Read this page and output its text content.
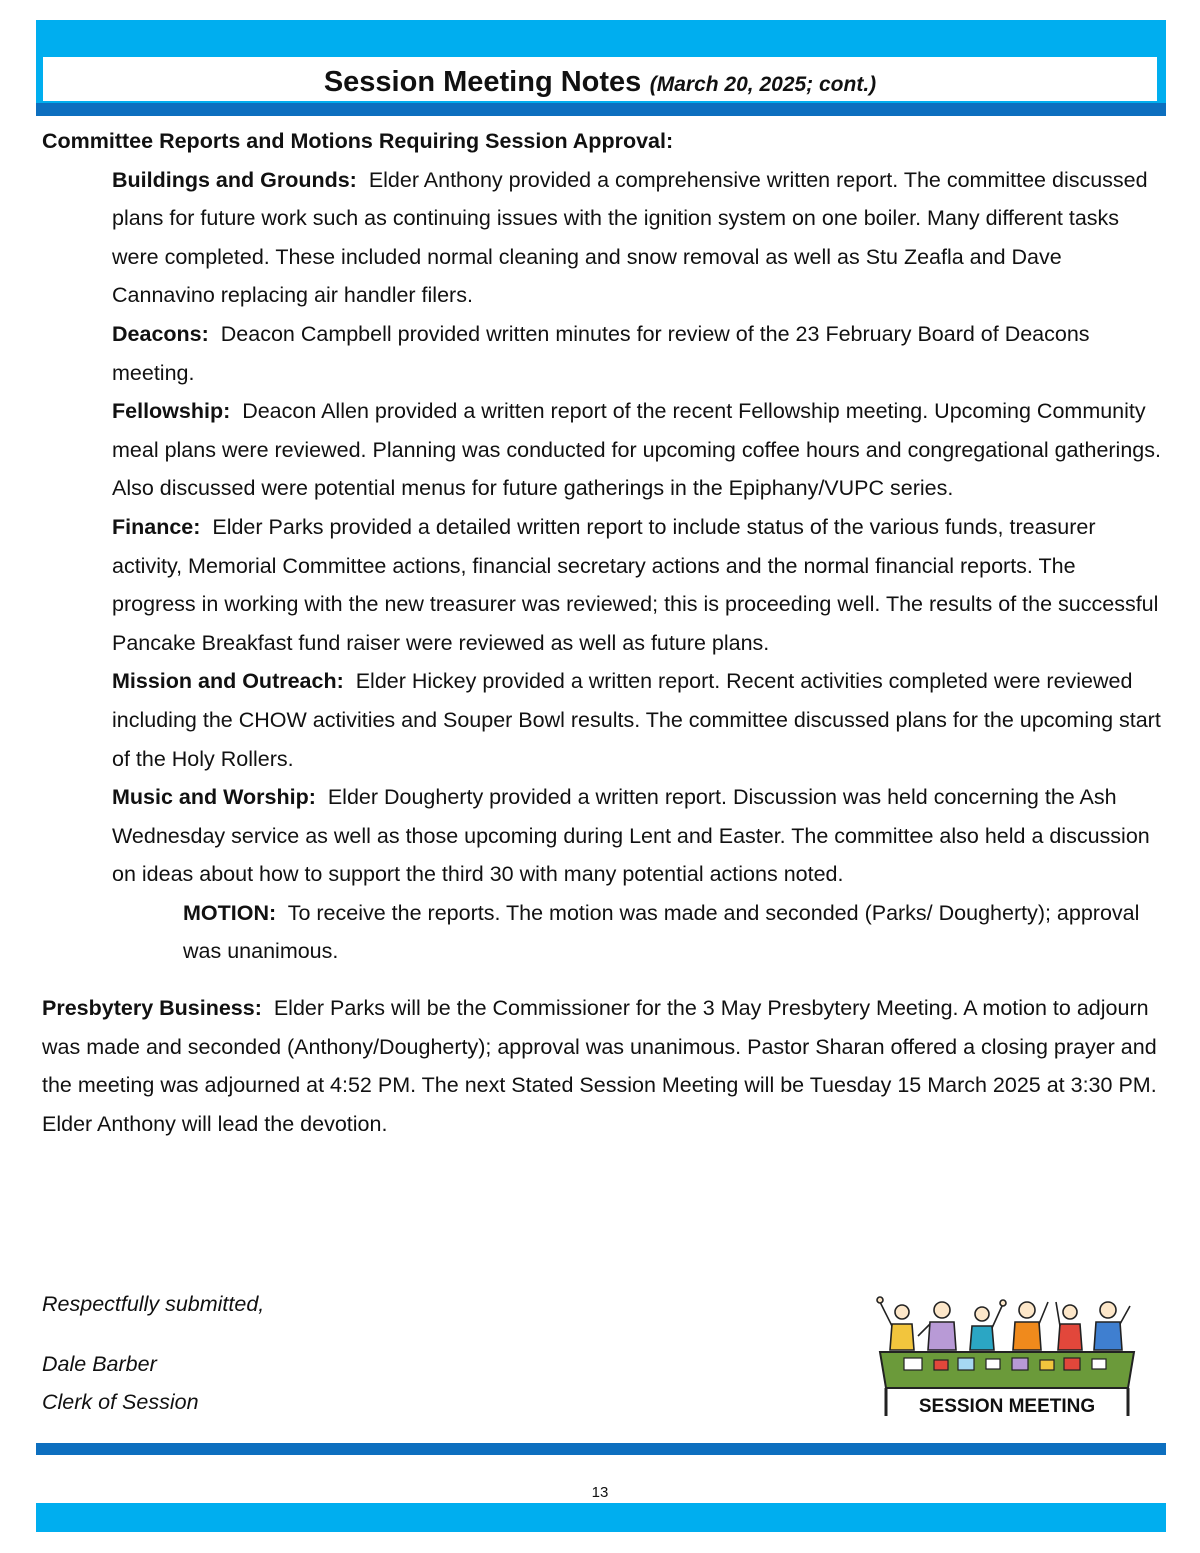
Session Meeting Notes (March 20, 2025; cont.)

Committee Reports and Motions Requiring Session Approval:

Buildings and Grounds: Elder Anthony provided a comprehensive written report. The committee discussed plans for future work such as continuing issues with the ignition system on one boiler. Many different tasks were completed. These included normal cleaning and snow removal as well as Stu Zeafla and Dave Cannavino replacing air handler filers.

Deacons: Deacon Campbell provided written minutes for review of the 23 February Board of Deacons meeting.

Fellowship: Deacon Allen provided a written report of the recent Fellowship meeting. Upcoming Community meal plans were reviewed. Planning was conducted for upcoming coffee hours and congregational gatherings. Also discussed were potential menus for future gatherings in the Epiphany/VUPC series.

Finance: Elder Parks provided a detailed written report to include status of the various funds, treasurer activity, Memorial Committee actions, financial secretary actions and the normal financial reports. The progress in working with the new treasurer was reviewed; this is proceeding well. The results of the successful Pancake Breakfast fund raiser were reviewed as well as future plans.

Mission and Outreach: Elder Hickey provided a written report. Recent activities completed were reviewed including the CHOW activities and Souper Bowl results. The committee discussed plans for the upcoming start of the Holy Rollers.

Music and Worship: Elder Dougherty provided a written report. Discussion was held concerning the Ash Wednesday service as well as those upcoming during Lent and Easter. The committee also held a discussion on ideas about how to support the third 30 with many potential actions noted.

MOTION: To receive the reports. The motion was made and seconded (Parks/ Dougherty); approval was unanimous.

Presbytery Business: Elder Parks will be the Commissioner for the 3 May Presbytery Meeting. A motion to adjourn was made and seconded (Anthony/Dougherty); approval was unanimous. Pastor Sharan offered a closing prayer and the meeting was adjourned at 4:52 PM. The next Stated Session Meeting will be Tuesday 15 March 2025 at 3:30 PM. Elder Anthony will lead the devotion.

Respectfully submitted,
Dale Barber
Clerk of Session	SESSION MEETING
13
